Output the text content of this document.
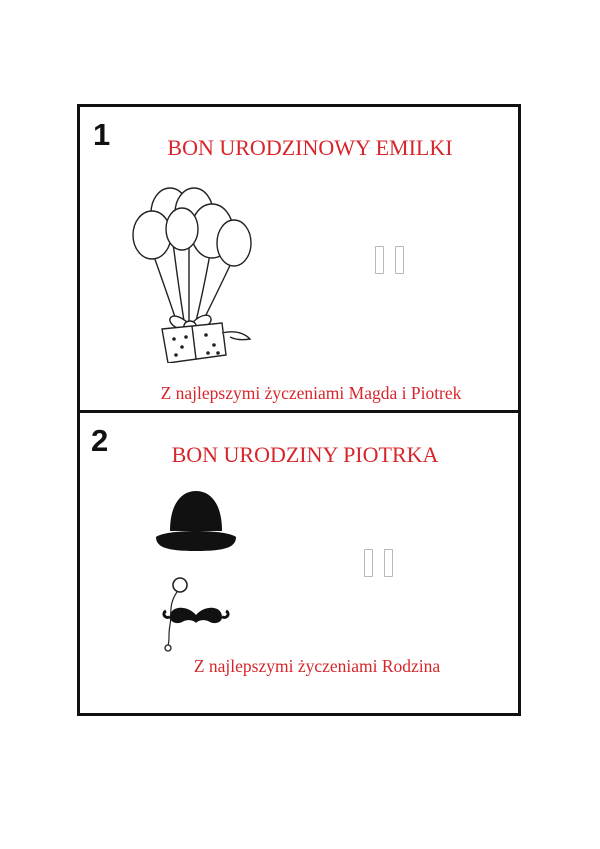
1	BON URODZINOWY EMILKI
Z najlepszymi życzeniami Magda i Piotrek
2	BON URODZINY PIOTRKA
Z najlepszymi życzeniami Rodzina
